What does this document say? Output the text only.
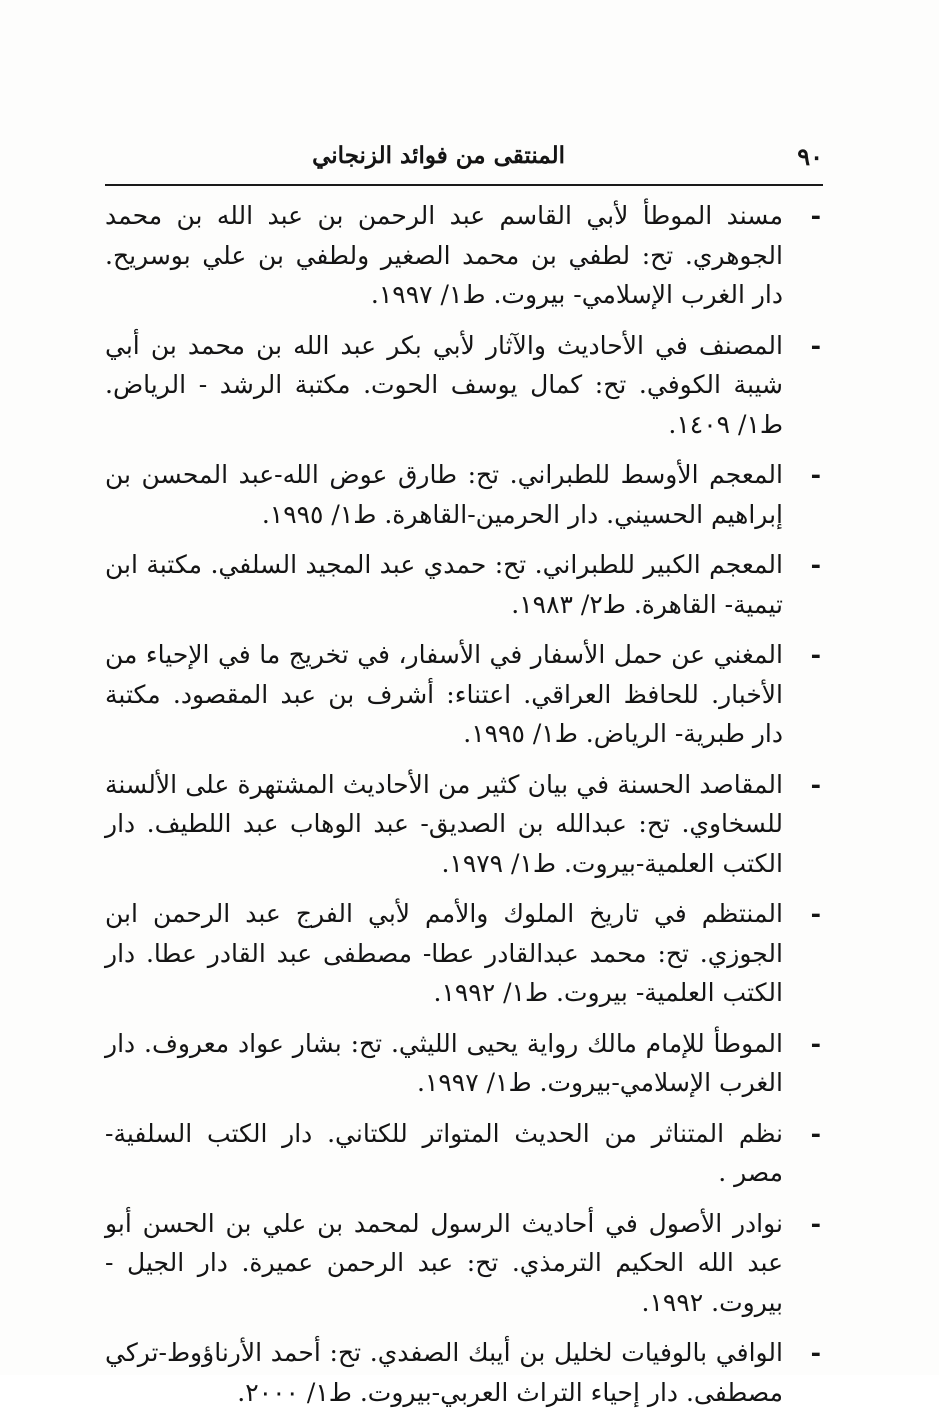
٩٠
المنتقى من فوائد الزنجاني
-
مسند الموطأ لأبي القاسم عبد الرحمن بن عبد الله بن محمد الجوهري. تح: لطفي بن محمد الصغير ولطفي بن علي بوسريح. دار الغرب الإسلامي- بيروت. ط١/ ١٩٩٧.
-
المصنف في الأحاديث والآثار لأبي بكر عبد الله بن محمد بن أبي شيبة الكوفي. تح: كمال يوسف الحوت. مكتبة الرشد - الرياض. ط١/ ١٤٠٩.
-
المعجم الأوسط للطبراني. تح: طارق عوض الله-عبد المحسن بن إبراهيم الحسيني. دار الحرمين-القاهرة. ط١/ ١٩٩٥.
-
المعجم الكبير للطبراني. تح: حمدي عبد المجيد السلفي. مكتبة ابن تيمية- القاهرة. ط٢/ ١٩٨٣.
-
المغني عن حمل الأسفار في الأسفار، في تخريج ما في الإحياء من الأخبار. للحافظ العراقي. اعتناء: أشرف بن عبد المقصود. مكتبة دار طبرية- الرياض. ط١/ ١٩٩٥.
-
المقاصد الحسنة في بيان كثير من الأحاديث المشتهرة على الألسنة للسخاوي. تح: عبدالله بن الصديق- عبد الوهاب عبد اللطيف. دار الكتب العلمية-بيروت. ط١/ ١٩٧٩.
-
المنتظم في تاريخ الملوك والأمم لأبي الفرج عبد الرحمن ابن الجوزي. تح: محمد عبدالقادر عطا- مصطفى عبد القادر عطا. دار الكتب العلمية- بيروت. ط١/ ١٩٩٢.
-
الموطأ للإمام مالك رواية يحيى الليثي. تح: بشار عواد معروف. دار الغرب الإسلامي-بيروت. ط١/ ١٩٩٧.
-
نظم المتناثر من الحديث المتواتر للكتاني. دار الكتب السلفية- مصر .
-
نوادر الأصول في أحاديث الرسول لمحمد بن علي بن الحسن أبو عبد الله الحكيم الترمذي. تح: عبد الرحمن عميرة. دار الجيل - بيروت. ١٩٩٢.
-
الوافي بالوفيات لخليل بن أيبك الصفدي. تح: أحمد الأرناؤوط-تركي مصطفى. دار إحياء التراث العربي-بيروت. ط١/ ٢٠٠٠.
